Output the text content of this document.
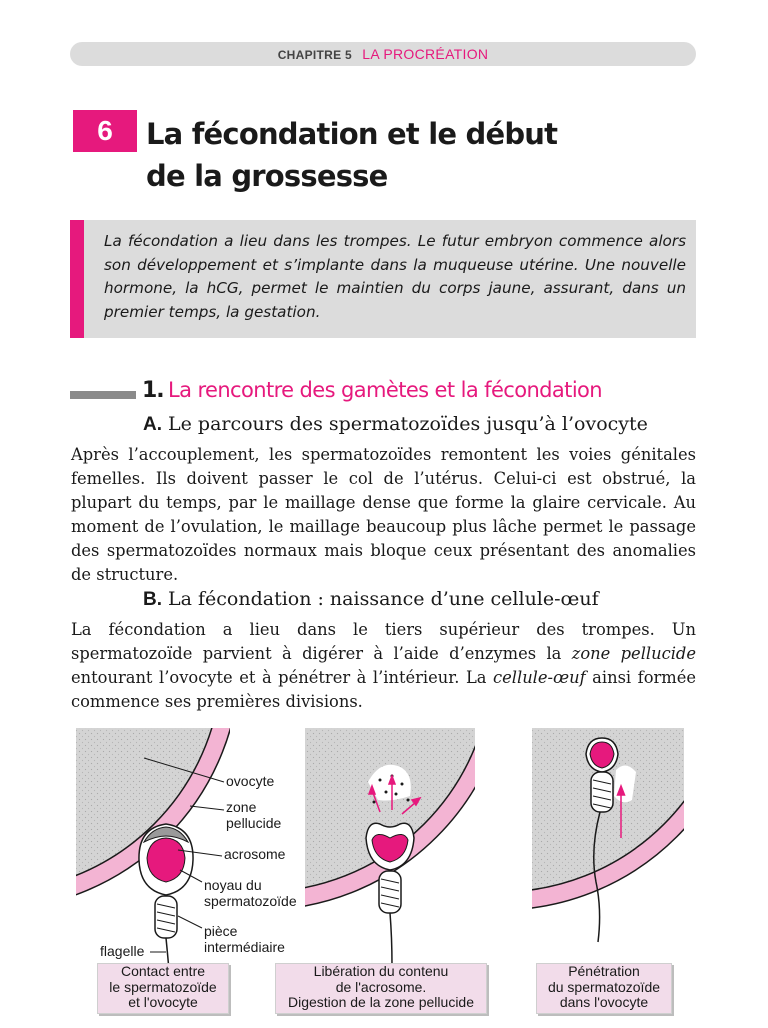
CHAPITRE 5 LA PROCRÉATION
6	La fécondation et le début
de la grossesse

La fécondation a lieu dans les trompes. Le futur embryon commence alors son développement et s’implante dans la muqueuse utérine. Une nouvelle hormone, la hCG, permet le maintien du corps jaune, assurant, dans un premier temps, la gestation.

1. La rencontre des gamètes et la fécondation
A. Le parcours des spermatozoïdes jusqu’à l’ovocyte

Après l’accouplement, les spermatozoïdes remontent les voies génitales femelles. Ils doivent passer le col de l’utérus. Celui-ci est obstrué, la plupart du temps, par le maillage dense que forme la glaire cervicale. Au moment de l’ovulation, le maillage beaucoup plus lâche permet le passage des spermatozoïdes normaux mais bloque ceux présentant des anomalies de structure.

B. La fécondation : naissance d’une cellule-œuf

La fécondation a lieu dans le tiers supérieur des trompes. Un spermatozoïde parvient à digérer à l’aide d’enzymes la zone pellucide entourant l’ovocyte et à pénétrer à l’intérieur. La cellule-œuf ainsi formée commence ses premières divisions.

ovocyte
zone
pellucide
acrosome
noyau du
spermatozoïde
pièce
intermédiaire
flagelle
Contact entre
le spermatozoïde
et l'ovocyte
Libération du contenu
de l'acrosome.
Digestion de la zone pellucide
Pénétration
du spermatozoïde
dans l'ovocyte
